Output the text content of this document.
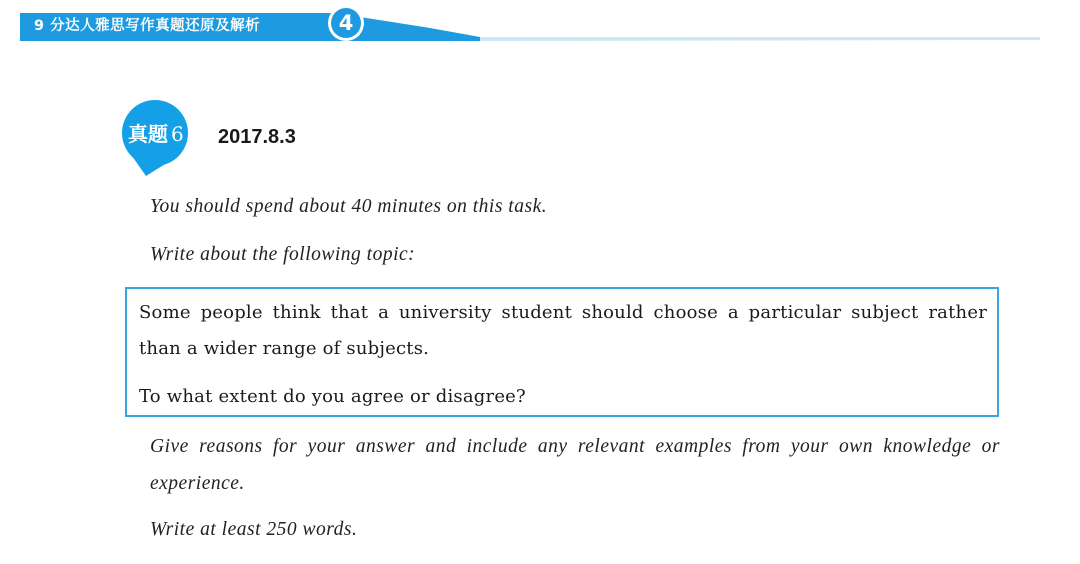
9 分达人雅思写作真题还原及解析	4
真题 6 2017.8.3
You should spend about 40 minutes on this task.
Write about the following topic:
Some people think that a university student should choose a particular subject rather than a wider range of subjects.
To what extent do you agree or disagree?
Give reasons for your answer and include any relevant examples from your own knowledge or experience.
Write at least 250 words.
